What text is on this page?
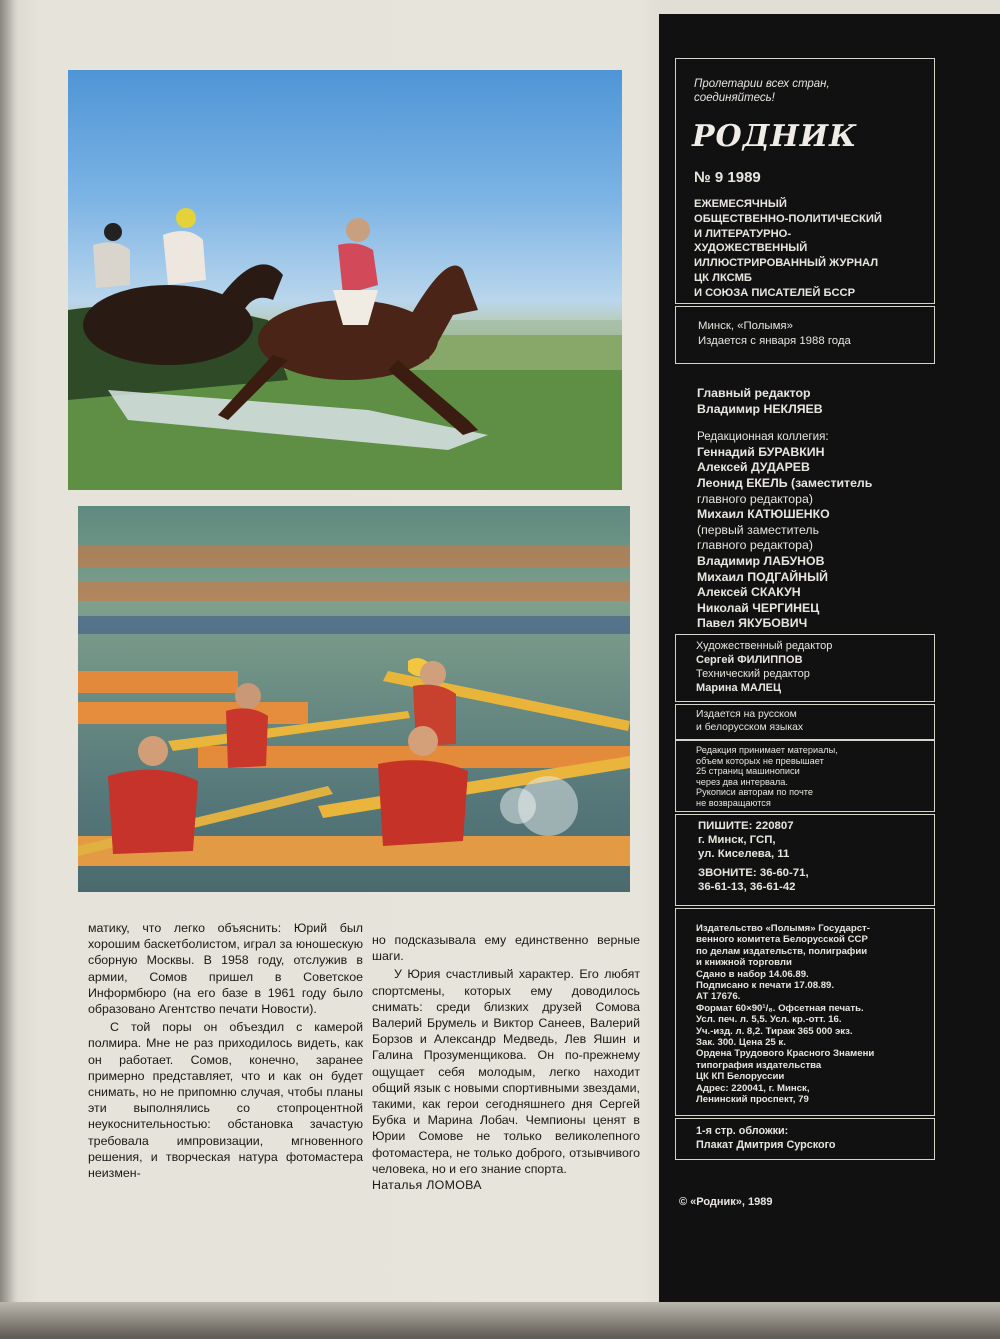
матику, что легко объяснить: Юрий был хорошим баскетболистом, играл за юношескую сборную Москвы. В 1958 году, отслужив в армии, Сомов пришел в Советское Информбюро (на его базе в 1961 году было образовано Агентство печати Новости).

С той поры он объездил с камерой полмира. Мне не раз приходилось видеть, как он работает. Сомов, конечно, заранее примерно представляет, что и как он будет снимать, но не припомню случая, чтобы планы эти выполнялись со стопроцентной неукоснительностью: обстановка зачастую требовала импровизации, мгновенного решения, и творческая натура фотомастера неизмен-

но подсказывала ему единственно верные шаги.

У Юрия счастливый характер. Его любят спортсмены, которых ему доводилось снимать: среди близких друзей Сомова Валерий Брумель и Виктор Санеев, Валерий Борзов и Александр Медведь, Лев Яшин и Галина Прозуменщикова. Он по-прежнему ощущает себя молодым, легко находит общий язык с новыми спортивными звездами, такими, как герои сегодняшнего дня Сергей Бубка и Марина Лобач. Чемпионы ценят в Юрии Сомове не только великолепного фотомастера, не только доброго, отзывчивого человека, но и его знание спорта.

Наталья ЛОМОВА

Пролетарии всех стран,
соединяйтесь!
РОДНИК
№ 9 1989
ЕЖЕМЕСЯЧНЫЙ
ОБЩЕСТВЕННО-ПОЛИТИЧЕСКИЙ
И ЛИТЕРАТУРНО-
ХУДОЖЕСТВЕННЫЙ
ИЛЛЮСТРИРОВАННЫЙ ЖУРНАЛ
ЦК ЛКСМБ
И СОЮЗА ПИСАТЕЛЕЙ БССР
Минск, «Полымя»
Издается с января 1988 года
Главный редактор
Владимир НЕКЛЯЕВ
Редакционная коллегия:
Геннадий БУРАВКИН
Алексей ДУДАРЕВ
Леонид ЕКЕЛЬ (заместитель
главного редактора)
Михаил КАТЮШЕНКО
(первый заместитель
главного редактора)
Владимир ЛАБУНОВ
Михаил ПОДГАЙНЫЙ
Алексей СКАКУН
Николай ЧЕРГИНЕЦ
Павел ЯКУБОВИЧ
Художественный редактор
Сергей ФИЛИППОВ
Технический редактор
Марина МАЛЕЦ
Издается на русском
и белорусском языках
Редакция принимает материалы,
объем которых не превышает
25 страниц машинописи
через два интервала.
Рукописи авторам по почте
не возвращаются
ПИШИТЕ: 220807
г. Минск, ГСП,
ул. Киселева, 11
ЗВОНИТЕ: 36-60-71,
36-61-13, 36-61-42
Издательство «Полымя» Государст-
венного комитета Белорусской ССР
по делам издательств, полиграфии
и книжной торговли
Сдано в набор 14.06.89.
Подписано к печати 17.08.89.
АТ 17676.
Формат 60×90¹/₈. Офсетная печать.
Усл. печ. л. 5,5. Усл. кр.-отт. 16.
Уч.-изд. л. 8,2. Тираж 365 000 экз.
Зак. 300. Цена 25 к.
Ордена Трудового Красного Знамени
типография издательства
ЦК КП Белоруссии
Адрес: 220041, г. Минск,
Ленинский проспект, 79
1-я стр. обложки:
Плакат Дмитрия Сурского
© «Родник», 1989
